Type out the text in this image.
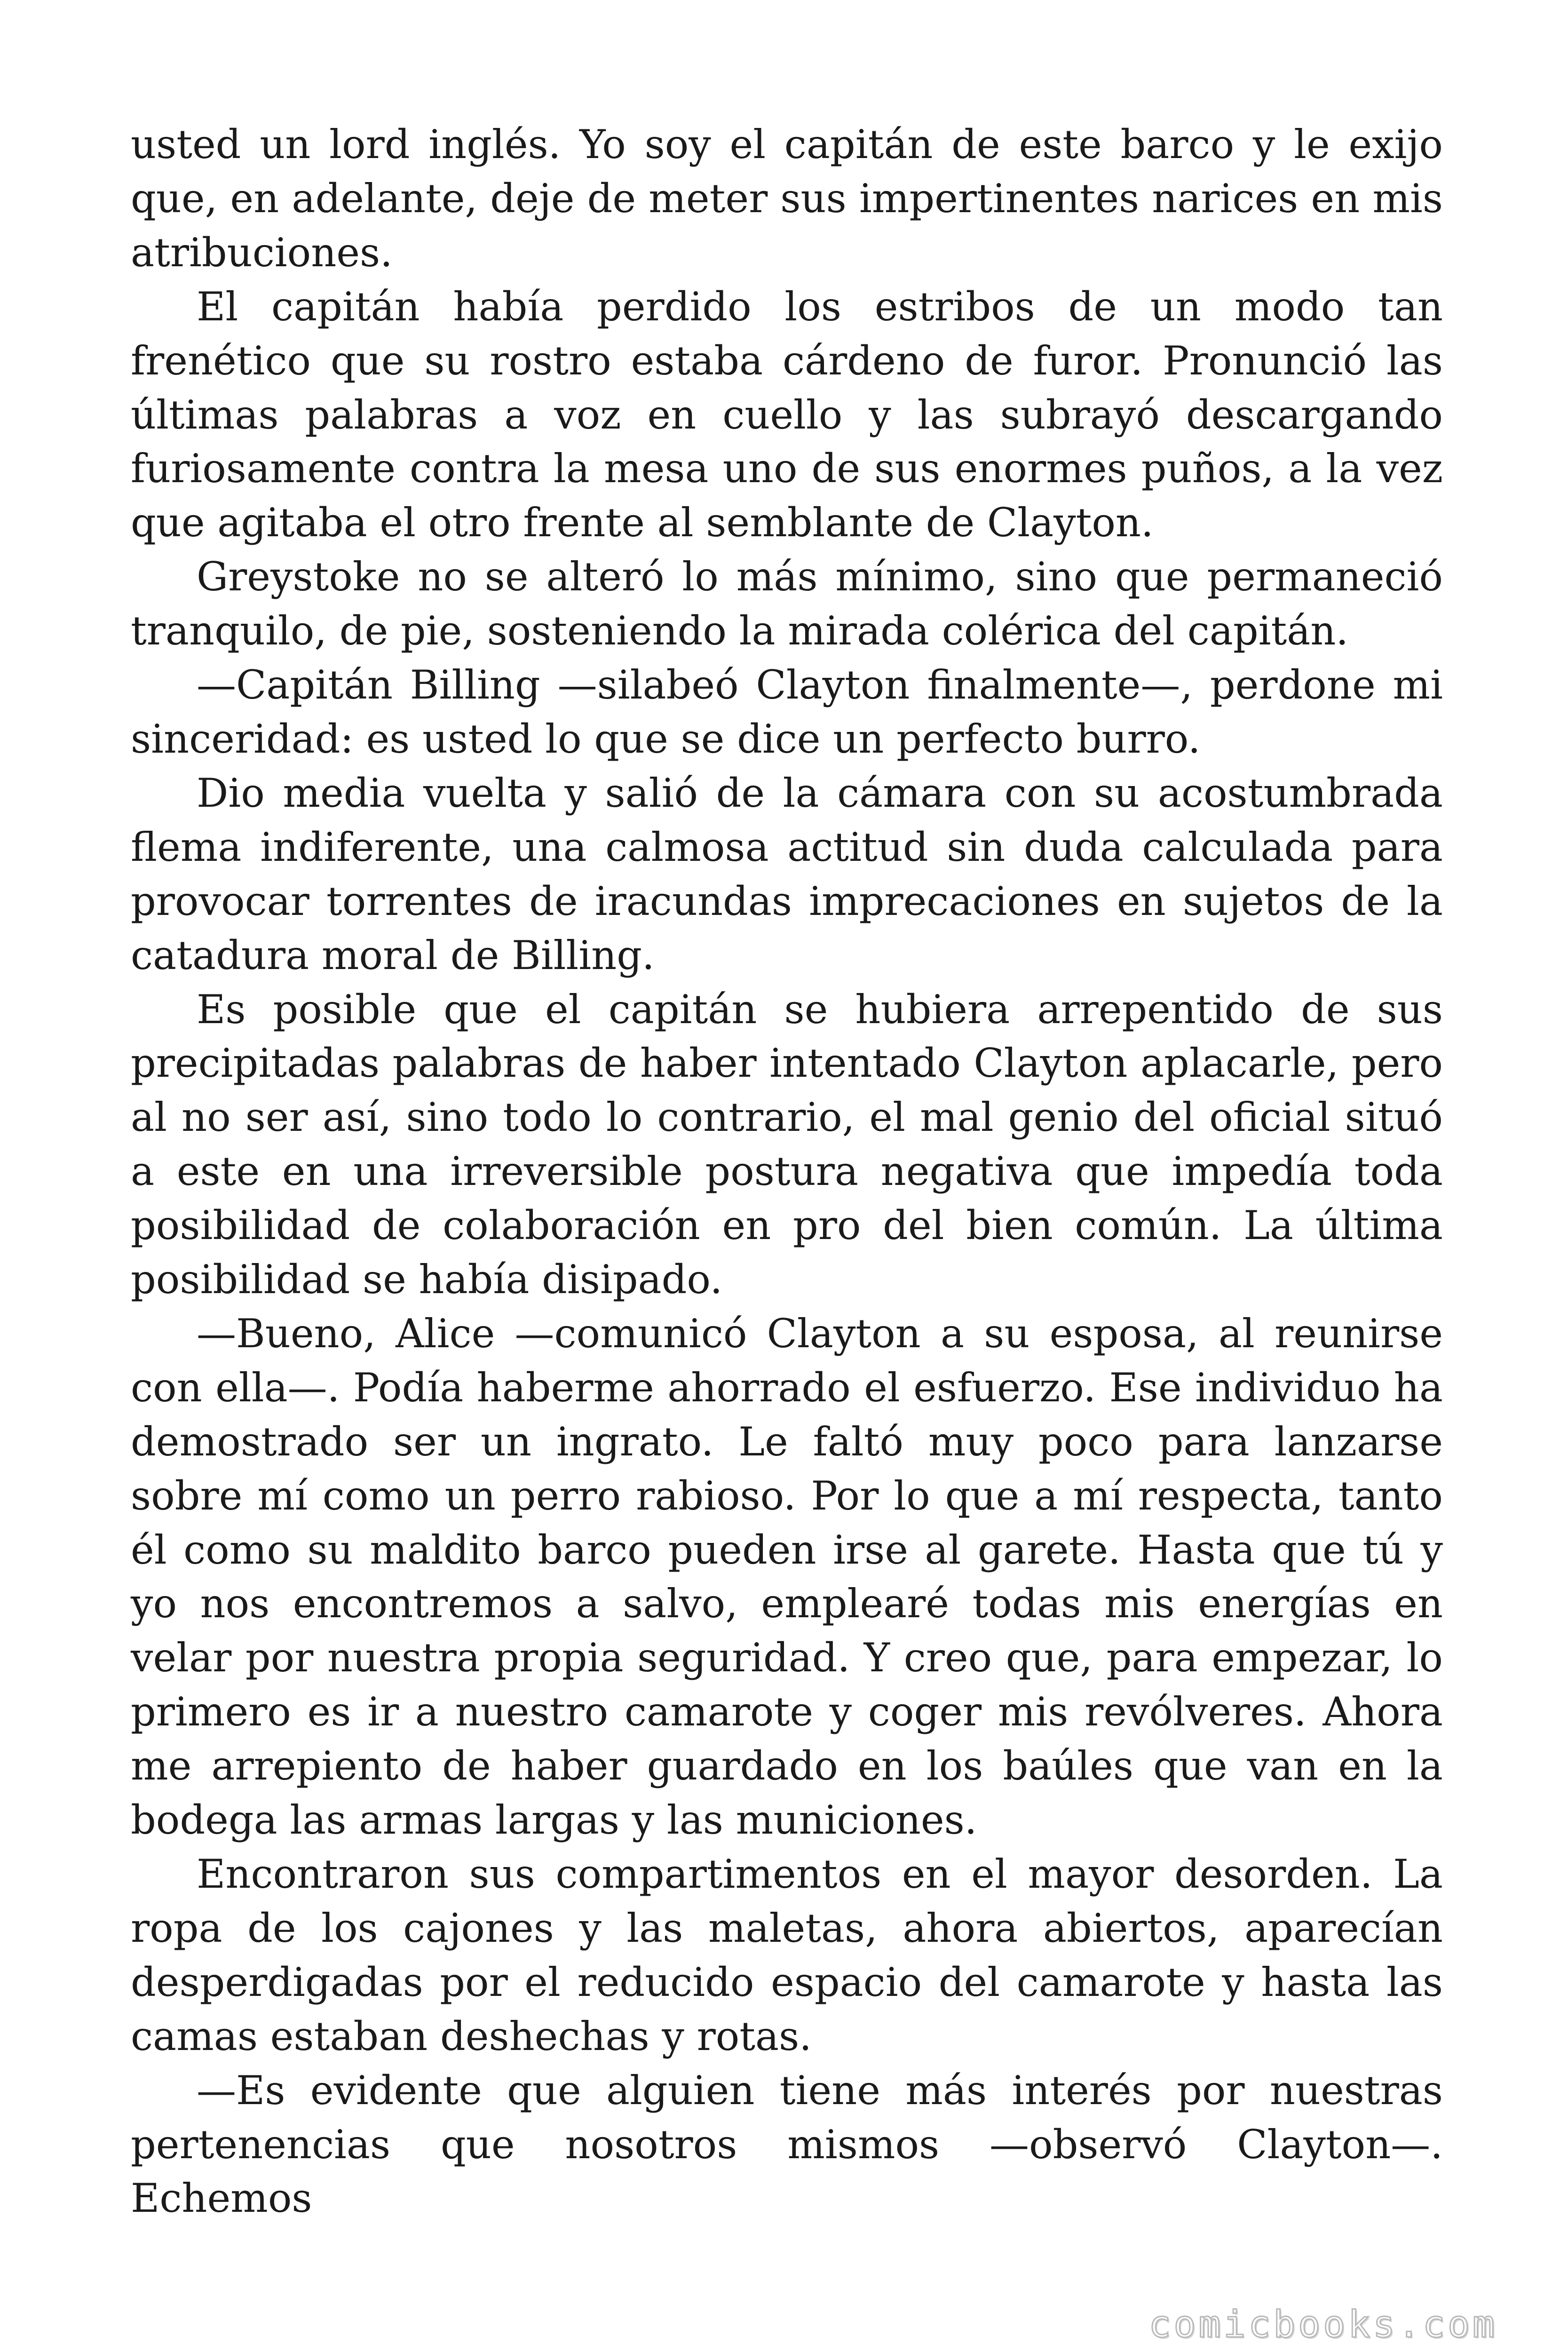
usted un lord inglés. Yo soy el capitán de este barco y le exijo que, en adelante, deje de meter sus impertinentes narices en mis atribuciones.

El capitán había perdido los estribos de un modo tan frenético que su rostro estaba cárdeno de furor. Pronunció las últimas palabras a voz en cuello y las subrayó descargando furiosamente contra la mesa uno de sus enormes puños, a la vez que agitaba el otro frente al semblante de Clayton.

Greystoke no se alteró lo más mínimo, sino que permaneció tranquilo, de pie, sosteniendo la mirada colérica del capitán.

—Capitán Billing —silabeó Clayton finalmente—, perdone mi sinceridad: es usted lo que se dice un perfecto burro.

Dio media vuelta y salió de la cámara con su acostumbrada flema indiferente, una calmosa actitud sin duda calculada para provocar torrentes de iracundas imprecaciones en sujetos de la catadura moral de Billing.

Es posible que el capitán se hubiera arrepentido de sus precipitadas palabras de haber intentado Clayton aplacarle, pero al no ser así, sino todo lo contrario, el mal genio del oficial situó a este en una irreversible postura negativa que impedía toda posibilidad de colaboración en pro del bien común. La última posibilidad se había disipado.

—Bueno, Alice —comunicó Clayton a su esposa, al reunirse con ella—. Podía haberme ahorrado el esfuerzo. Ese individuo ha demostrado ser un ingrato. Le faltó muy poco para lanzarse sobre mí como un perro rabioso. Por lo que a mí respecta, tanto él como su maldito barco pueden irse al garete. Hasta que tú y yo nos encontremos a salvo, emplearé todas mis energías en velar por nuestra propia seguridad. Y creo que, para empezar, lo primero es ir a nuestro camarote y coger mis revólveres. Ahora me arrepiento de haber guardado en los baúles que van en la bodega las armas largas y las municiones.

Encontraron sus compartimentos en el mayor desorden. La ropa de los cajones y las maletas, ahora abiertos, aparecían desperdigadas por el reducido espacio del camarote y hasta las camas estaban deshechas y rotas.

—Es evidente que alguien tiene más interés por nuestras pertenencias que nosotros mismos —observó Clayton—. Echemos

comicbooks.com
